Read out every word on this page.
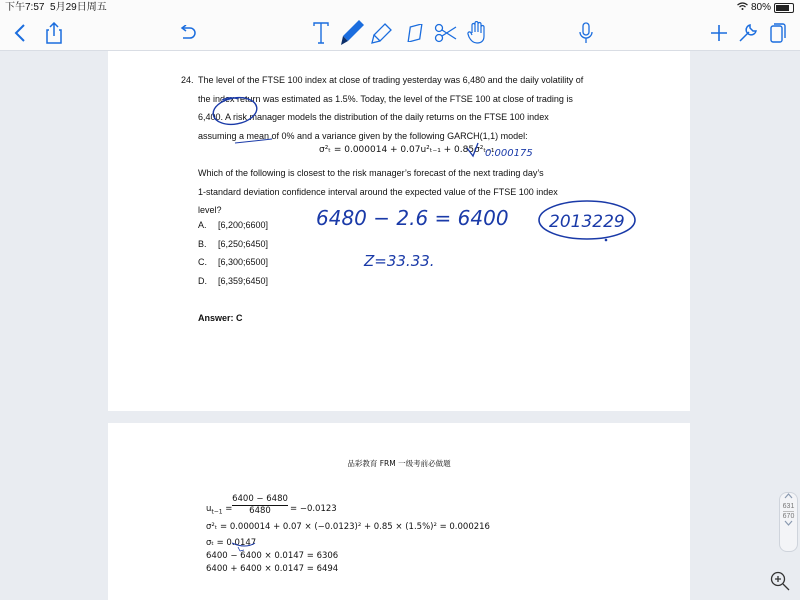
下午7:57 5月29日周五	80%
24. The level of the FTSE 100 index at close of trading yesterday was 6,480 and the daily volatility of
the index return was estimated as 1.5%. Today, the level of the FTSE 100 at close of trading is
6,400. A risk manager models the distribution of the daily returns on the FTSE 100 index
assuming a mean of 0% and a variance given by the following GARCH(1,1) model:
Which of the following is closest to the risk manager’s forecast of the next trading day’s
1-standard deviation confidence interval around the expected value of the FTSE 100 index
level?
σ²ₜ = 0.000014 + 0.07u²ₜ₋₁ + 0.85σ²ₜ₋₁
A. [6,200;6600]
B. [6,250;6450]
C. [6,300;6500]
D. [6,359;6450]
Answer: C
品彩教育 FRM 一级考前必做题
$u_{t-1} = \frac{6400 - 6480}{6480} = -0.0123$
σ²ₜ = 0.000014 + 0.07 × (−0.0123)² + 0.85 × (1.5%)² = 0.000216
σₜ = 0.0147
6400 − 6400 × 0.0147 = 6306
6400 + 6400 × 0.0147 = 6494
0.000175
6480 − 2.6 = 6400 2013229
Z=33.33.
631
670
